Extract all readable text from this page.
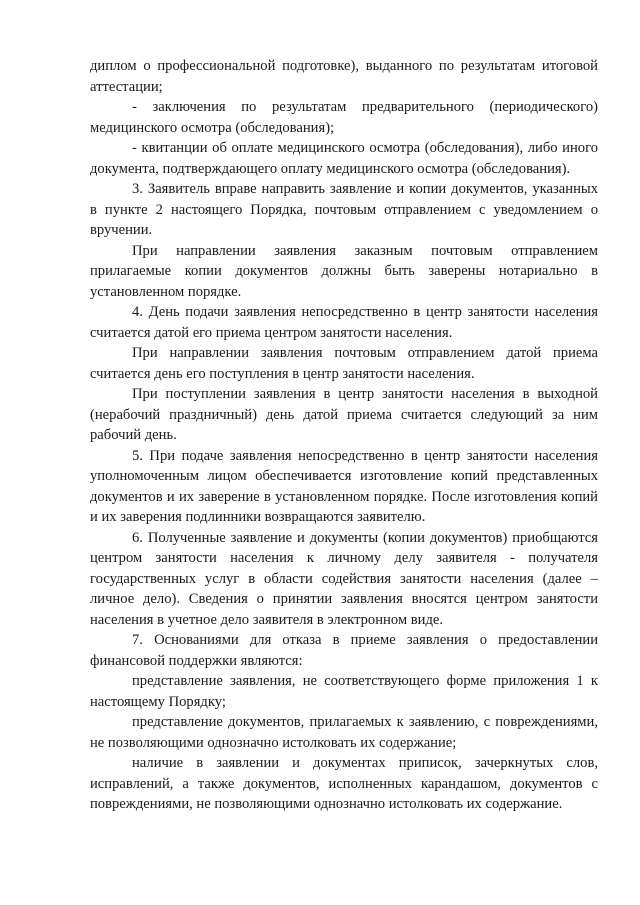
диплом о профессиональной подготовке), выданного по результатам итоговой аттестации;

- заключения по результатам предварительного (периодического) медицинского осмотра (обследования);

- квитанции об оплате медицинского осмотра (обследования), либо иного документа, подтверждающего оплату медицинского осмотра (обследования).

3. Заявитель вправе направить заявление и копии документов, указанных в пункте 2 настоящего Порядка, почтовым отправлением с уведомлением о вручении.

При направлении заявления заказным почтовым отправлением прилагаемые копии документов должны быть заверены нотариально в установленном порядке.

4. День подачи заявления непосредственно в центр занятости населения считается датой его приема центром занятости населения.

При направлении заявления почтовым отправлением датой приема считается день его поступления в центр занятости населения.

При поступлении заявления в центр занятости населения в выходной (нерабочий праздничный) день датой приема считается следующий за ним рабочий день.

5. При подаче заявления непосредственно в центр занятости населения уполномоченным лицом обеспечивается изготовление копий представленных документов и их заверение в установленном порядке. После изготовления копий и их заверения подлинники возвращаются заявителю.

6. Полученные заявление и документы (копии документов) приобщаются центром занятости населения к личному делу заявителя - получателя государственных услуг в области содействия занятости населения (далее – личное дело). Сведения о принятии заявления вносятся центром занятости населения в учетное дело заявителя в электронном виде.

7. Основаниями для отказа в приеме заявления о предоставлении финансовой поддержки являются:

представление заявления, не соответствующего форме приложения 1 к настоящему Порядку;

представление документов, прилагаемых к заявлению, с повреждениями, не позволяющими однозначно истолковать их содержание;

наличие в заявлении и документах приписок, зачеркнутых слов, исправлений, а также документов, исполненных карандашом, документов с повреждениями, не позволяющими однозначно истолковать их содержание.
